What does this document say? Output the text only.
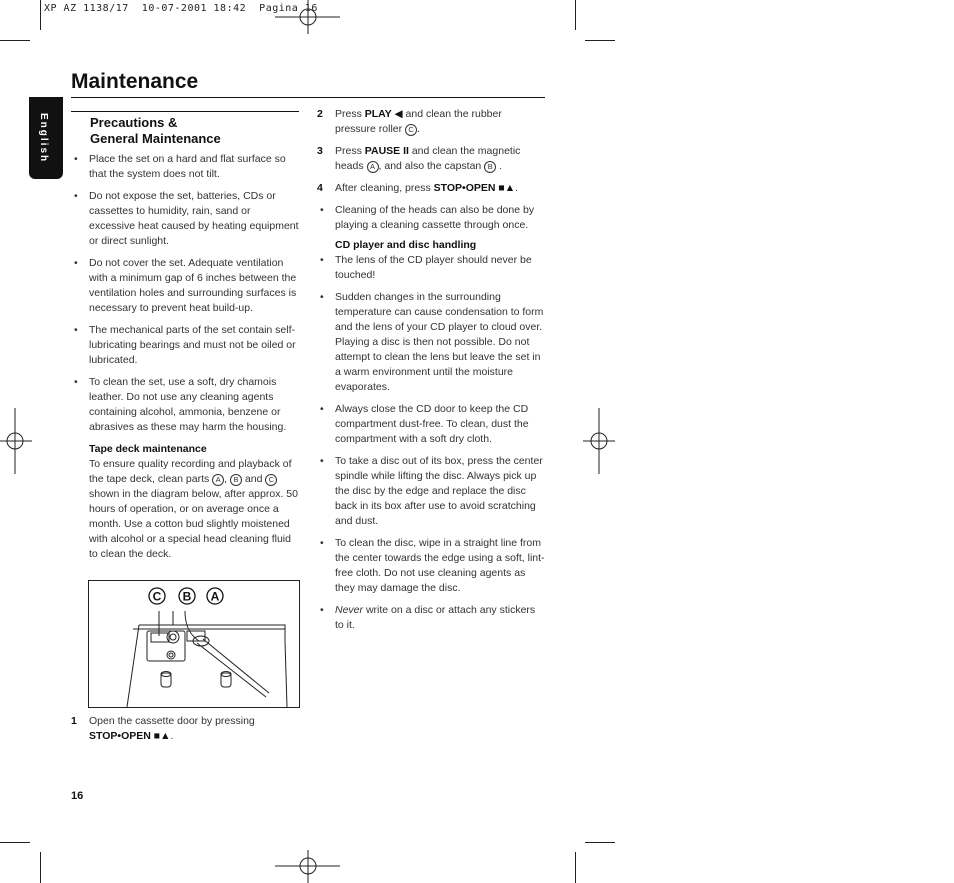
XP AZ 1138/17  10-07-2001 18:42  Pagina 16
English
Maintenance
Precautions &
General Maintenance
• Place the set on a hard and flat surface so that the system does not tilt.
• Do not expose the set, batteries, CDs or cassettes to humidity, rain, sand or excessive heat caused by heating equipment or direct sunlight.
• Do not cover the set. Adequate ventilation with a minimum gap of 6 inches between the ventilation holes and surrounding surfaces is necessary to prevent heat build-up.
• The mechanical parts of the set contain self-lubricating bearings and must not be oiled or lubricated.
• To clean the set, use a soft, dry chamois leather. Do not use any cleaning agents containing alcohol, ammonia, benzene or abrasives as these may harm the housing.
Tape deck maintenance
To ensure quality recording and playback of the tape deck, clean parts A , B and C shown in the diagram below, after approx. 50 hours of operation, or on average once a month. Use a cotton bud slightly moistened with alcohol or a special head cleaning fluid to clean the deck.
C B A
1 Open the cassette door by pressing
STOP•OPEN ■▲.
2 Press PLAY ◀ and clean the rubber pressure roller C .
3 Press PAUSE II and clean the magnetic heads A , and also the capstan B .
4 After cleaning, press STOP•OPEN ■▲.
• Cleaning of the heads can also be done by playing a cleaning cassette through once.
CD player and disc handling
• The lens of the CD player should never be touched!
• Sudden changes in the surrounding temperature can cause condensation to form and the lens of your CD player to cloud over. Playing a disc is then not possible. Do not attempt to clean the lens but leave the set in a warm environment until the moisture evaporates.
• Always close the CD door to keep the CD compartment dust-free. To clean, dust the compartment with a soft dry cloth.
• To take a disc out of its box, press the center spindle while lifting the disc. Always pick up the disc by the edge and replace the disc back in its box after use to avoid scratching and dust.
• To clean the disc, wipe in a straight line from the center towards the edge using a soft, lint-free cloth. Do not use cleaning agents as they may damage the disc.
• Never write on a disc or attach any stickers to it.
16
